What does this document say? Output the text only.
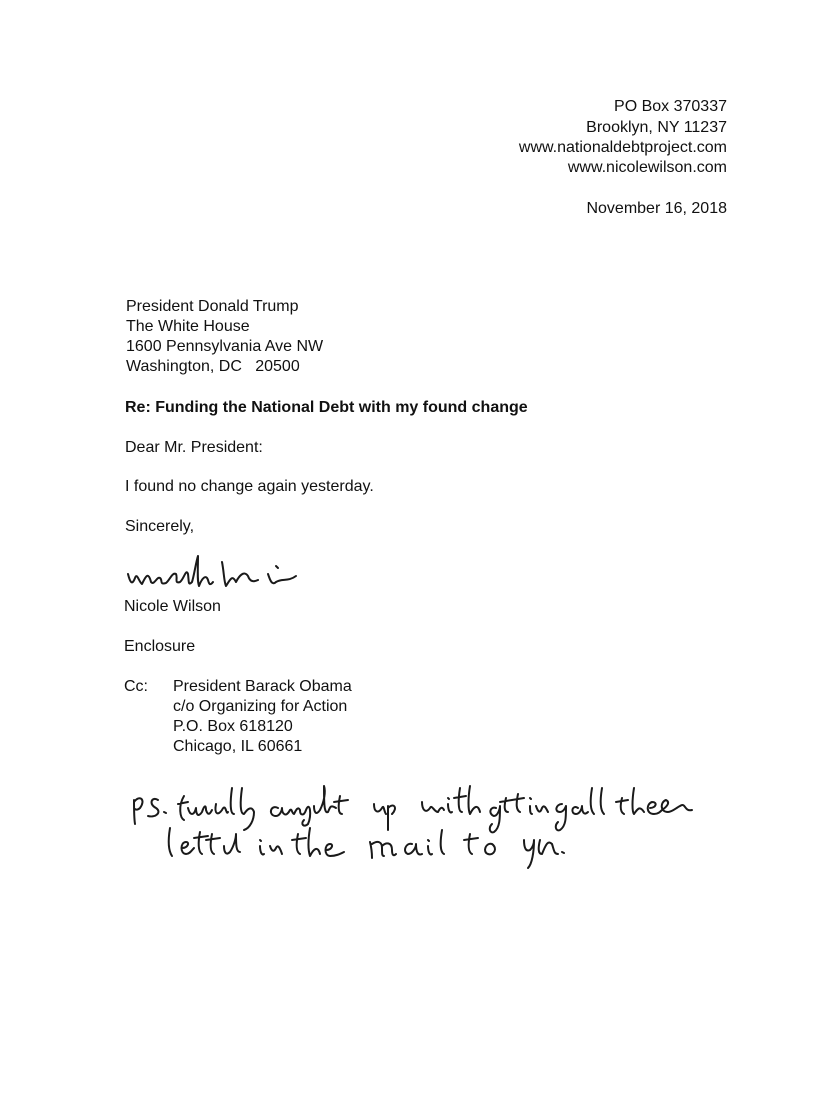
PO Box 370337
Brooklyn, NY 11237
www.nationaldebtproject.com
www.nicolewilson.com
November 16, 2018
President Donald Trump
The White House
1600 Pennsylvania Ave NW
Washington, DC   20500
Re: Funding the National Debt with my found change
Dear Mr. President:
I found no change again yesterday.
Sincerely,
Nicole Wilson
Enclosure
Cc: President Barack Obama
c/o Organizing for Action
P.O. Box 618120
Chicago, IL 60661
